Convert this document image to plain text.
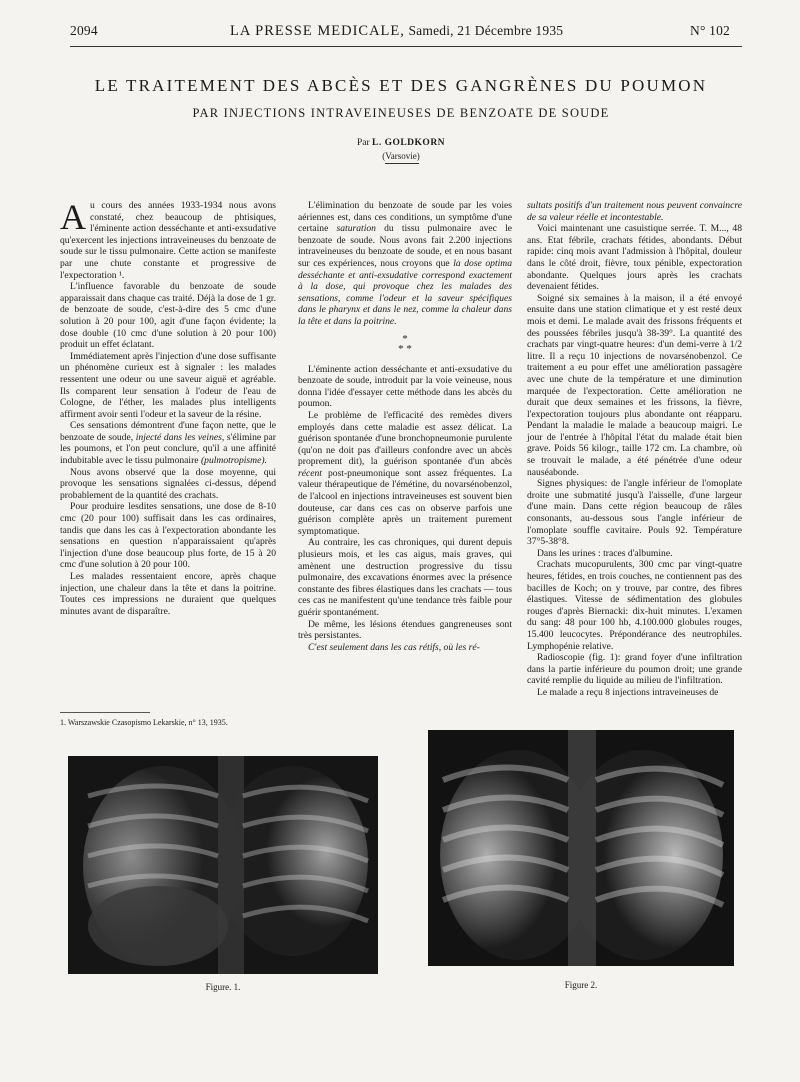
2094	LA PRESSE MEDICALE, Samedi, 21 Décembre 1935	N° 102
LE TRAITEMENT DES ABCÈS ET DES GANGRÈNES DU POUMON
PAR INJECTIONS INTRAVEINEUSES DE BENZOATE DE SOUDE
Par L. GOLDKORN
(Varsovie)

Au cours des années 1933-1934 nous avons constaté, chez beaucoup de phtisiques, l'éminente action desséchante et anti-exsudative qu'exercent les injections intraveineuses du benzoate de soude sur le tissu pulmonaire. Cette action se manifeste par une chute constante et progressive de l'expectoration ¹.

L'influence favorable du benzoate de soude apparaissait dans chaque cas traité. Déjà la dose de 1 gr. de benzoate de soude, c'est-à-dire des 5 cmc d'une solution à 20 pour 100, agit d'une façon évidente; la dose double (10 cmc d'une solution à 20 pour 100) produit un effet éclatant.

Immédiatement après l'injection d'une dose suffisante un phénomène curieux est à signaler : les malades ressentent une odeur ou une saveur aiguë et agréable. Ils comparent leur sensation à l'odeur de l'eau de Cologne, de l'éther, les malades plus intelligents affirment avoir senti l'odeur et la saveur de la résine.

Ces sensations démontrent d'une façon nette, que le benzoate de soude, injecté dans les veines, s'élimine par les poumons, et l'on peut conclure, qu'il a une affinité indubitable avec le tissu pulmonaire (pulmotropisme).

Nous avons observé que la dose moyenne, qui provoque les sensations signalées ci-dessus, dépend probablement de la quantité des crachats.

Pour produire lesdites sensations, une dose de 8-10 cmc (20 pour 100) suffisait dans les cas ordinaires, tandis que dans les cas à l'expectoration abondante les sensations en question n'apparaissaient qu'après l'injection d'une dose beaucoup plus forte, de 15 à 20 cmc d'une solution à 20 pour 100.

Les malades ressentaient encore, après chaque injection, une chaleur dans la tête et dans la poitrine. Toutes ces impressions ne duraient que quelques minutes avant de disparaître.

1. Warszawskie Czasopismo Lekarskie, n° 13, 1935.

L'élimination du benzoate de soude par les voies aériennes est, dans ces conditions, un symptôme d'une certaine saturation du tissu pulmonaire avec le benzoate de soude. Nous avons fait 2.200 injections intraveineuses du benzoate de soude, et en nous basant sur ces expériences, nous croyons que la dose optima desséchante et anti-exsudative correspond exactement à la dose, qui provoque chez les malades des sensations, comme l'odeur et la saveur spécifiques dans le pharynx et dans le nez, comme la chaleur dans la tête et dans la poitrine.

*
* *

L'éminente action desséchante et anti-exsudative du benzoate de soude, introduit par la voie veineuse, nous donna l'idée d'essayer cette méthode dans les abcès du poumon.

Le problème de l'efficacité des remèdes divers employés dans cette maladie est assez délicat. La guérison spontanée d'une bronchopneumonie purulente (qu'on ne doit pas d'ailleurs confondre avec un abcès proprement dit), la guérison spontanée d'un abcès récent post-pneumonique sont assez fréquentes. La valeur thérapeutique de l'émétine, du novarsénobenzol, de l'alcool en injections intraveineuses est souvent bien douteuse, car dans ces cas on observe parfois une guérison complète après un traitement purement symptomatique.

Au contraire, les cas chroniques, qui durent depuis plusieurs mois, et les cas aigus, mais graves, qui amènent une destruction progressive du tissu pulmonaire, des excavations énormes avec la présence constante des fibres élastiques dans les crachats — tous ces cas ne manifestent qu'une tendance très faible pour guérir spontanément.

De même, les lésions étendues gangreneuses sont très persistantes.

C'est seulement dans les cas rétifs, où les ré-

sultats positifs d'un traitement nous peuvent convaincre de sa valeur réelle et incontestable.

Voici maintenant une casuistique serrée. T. M..., 48 ans. Etat fébrile, crachats fétides, abondants. Début rapide: cinq mois avant l'admission à l'hôpital, douleur dans le côté droit, fièvre, toux pénible, expectoration abondante. Quelques jours après les crachats devenaient fétides.

Soigné six semaines à la maison, il a été envoyé ensuite dans une station climatique et y est resté deux mois et demi. Le malade avait des frissons fréquents et des poussées fébriles jusqu'à 38-39°. La quantité des crachats par vingt-quatre heures: d'un demi-verre à 1/2 litre. Il a reçu 10 injections de novarsénobenzol. Ce traitement a eu pour effet une amélioration passagère avec une chute de la température et une diminution marquée de l'expectoration. Cette amélioration ne durait que deux semaines et les frissons, la fièvre, l'expectoration toujours plus abondante ont réapparu. Pendant la maladie le malade a beaucoup maigri. Le jour de l'entrée à l'hôpital l'état du malade était bien grave. Poids 56 kilogr., taille 172 cm. La chambre, où se trouvait le malade, a été pénétrée d'une odeur nauséabonde.

Signes physiques: de l'angle inférieur de l'omoplate droite une submatité jusqu'à l'aisselle, d'une largeur d'une main. Dans cette région beaucoup de râles consonants, au-dessous sous l'angle inférieur de l'omoplate souffle cavitaire. Pouls 92. Température 37°5-38°8.

Dans les urines : traces d'albumine.

Crachats mucopurulents, 300 cmc par vingt-quatre heures, fétides, en trois couches, ne contiennent pas des bacilles de Koch; on y trouve, par contre, des fibres élastiques. Vitesse de sédimentation des globules rouges d'après Biernacki: dix-huit minutes. L'examen du sang: 48 pour 100 hb, 4.100.000 globules rouges, 15.400 leucocytes. Prépondérance des neutrophiles. Lymphopénie relative.

Radioscopie (fig. 1): grand foyer d'une infiltration dans la partie inférieure du poumon droit; une grande cavité remplie du liquide au milieu de l'infiltration.

Le malade a reçu 8 injections intraveineuses de

Figure. 1.	Figure 2.
